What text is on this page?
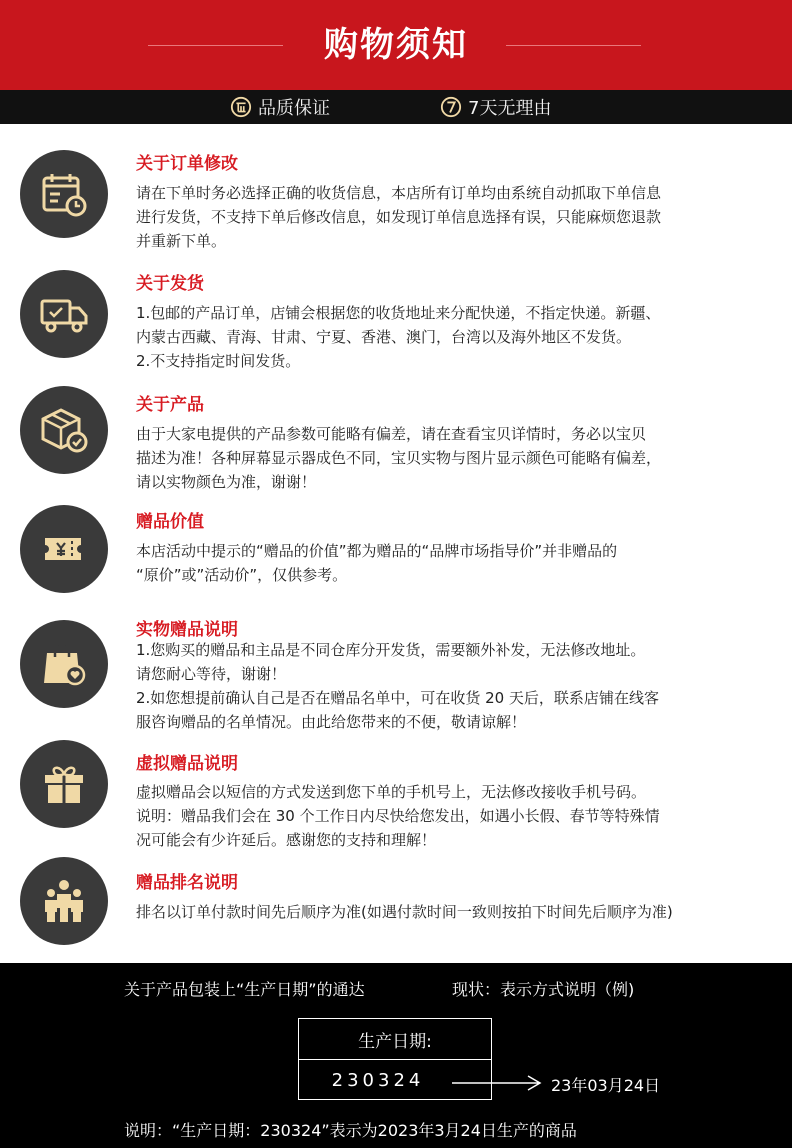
购物须知
品质保证	7天无理由
关于订单修改

请在下单时务必选择正确的收货信息，本店所有订单均由系统自动抓取下单信息

进行发货，不支持下单后修改信息，如发现订单信息选择有误，只能麻烦您退款

并重新下单。

关于发货

1.包邮的产品订单，店铺会根据您的收货地址来分配快递，不指定快递。新疆、

内蒙古西藏、青海、甘肃、宁夏、香港、澳门，台湾以及海外地区不发货。

2.不支持指定时间发货。

关于产品

由于大家电提供的产品参数可能略有偏差，请在查看宝贝详情时，务必以宝贝

描述为准！各种屏幕显示器成色不同，宝贝实物与图片显示颜色可能略有偏差，

请以实物颜色为准，谢谢！

赠品价值

本店活动中提示的“赠品的价值”都为赠品的“品牌市场指导价”并非赠品的

“原价”或”活动价”，仅供参考。

实物赠品说明

1.您购买的赠品和主品是不同仓库分开发货，需要额外补发，无法修改地址。

请您耐心等待，谢谢！

2.如您想提前确认自己是否在赠品名单中，可在收货 20 天后，联系店铺在线客

服咨询赠品的名单情况。由此给您带来的不便，敬请谅解！

虚拟赠品说明

虚拟赠品会以短信的方式发送到您下单的手机号上，无法修改接收手机号码。

说明：赠品我们会在 30 个工作日内尽快给您发出，如遇小长假、春节等特殊情

况可能会有少许延后。感谢您的支持和理解！

赠品排名说明

排名以订单付款时间先后顺序为准(如遇付款时间一致则按拍下时间先后顺序为准)

关于产品包装上“生产日期”的通达	现状：表示方式说明（例)
生产日期:
230324	23年03月24日
说明：“生产日期：230324”表示为2023年3月24日生产的商品
